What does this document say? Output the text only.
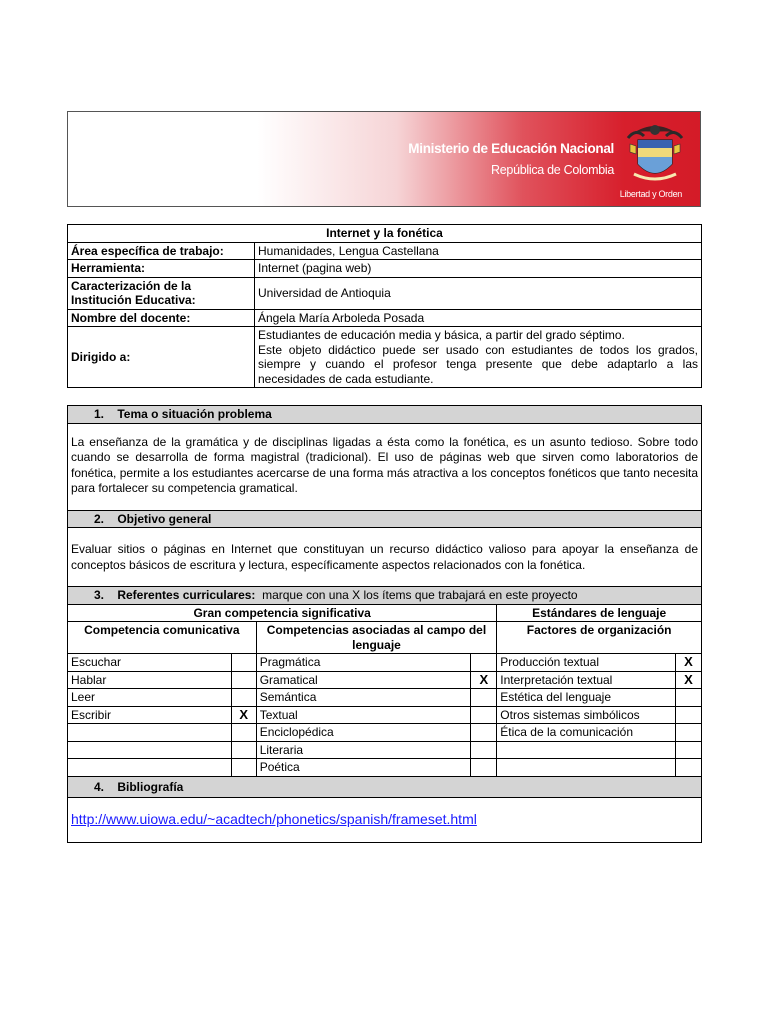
Ministerio de Educación Nacional
República de Colombia
Libertad y Orden
Internet y la fonética	
Área específica de trabajo:	Humanidades, Lengua Castellana
Herramienta:	Internet (pagina web)
Caracterización de la Institución Educativa:	Universidad de Antioquia
Nombre del docente:	Ángela María Arboleda Posada
Dirigido a:	Estudiantes de educación media y básica, a partir del grado séptimo.
Este objeto didáctico puede ser usado con estudiantes de todos los grados, siempre y cuando el profesor tenga presente que debe adaptarlo a las necesidades de cada estudiante.
1.    Tema o situación problema					
La enseñanza de la gramática y de disciplinas ligadas a ésta como la fonética, es un asunto tedioso. Sobre todo cuando se desarrolla de forma magistral (tradicional). El uso de páginas web que sirven como laboratorios de fonética, permite a los estudiantes acercarse de una forma más atractiva a los conceptos fonéticos que tanto necesita para fortalecer su competencia gramatical.					
2.    Objetivo general					
Evaluar sitios o páginas en Internet que constituyan un recurso didáctico valioso para apoyar la enseñanza de conceptos básicos de escritura y lectura, específicamente aspectos relacionados con la fonética.					
3.    Referentes curriculares: marque con una X los ítems que trabajará en este proyecto					
Gran competencia significativa				Estándares de lenguaje	
Competencia comunicativa		Competencias asociadas al campo del lenguaje		Factores de organización	
Escuchar		Pragmática		Producción textual	X
Hablar		Gramatical	X	Interpretación textual	X
Leer		Semántica		Estética del lenguaje	
Escribir	X	Textual		Otros sistemas simbólicos	
		Enciclopédica		Ética de la comunicación	
		Literaria			
		Poética			
4.    Bibliografía					
http://www.uiowa.edu/~acadtech/phonetics/spanish/frameset.html					
